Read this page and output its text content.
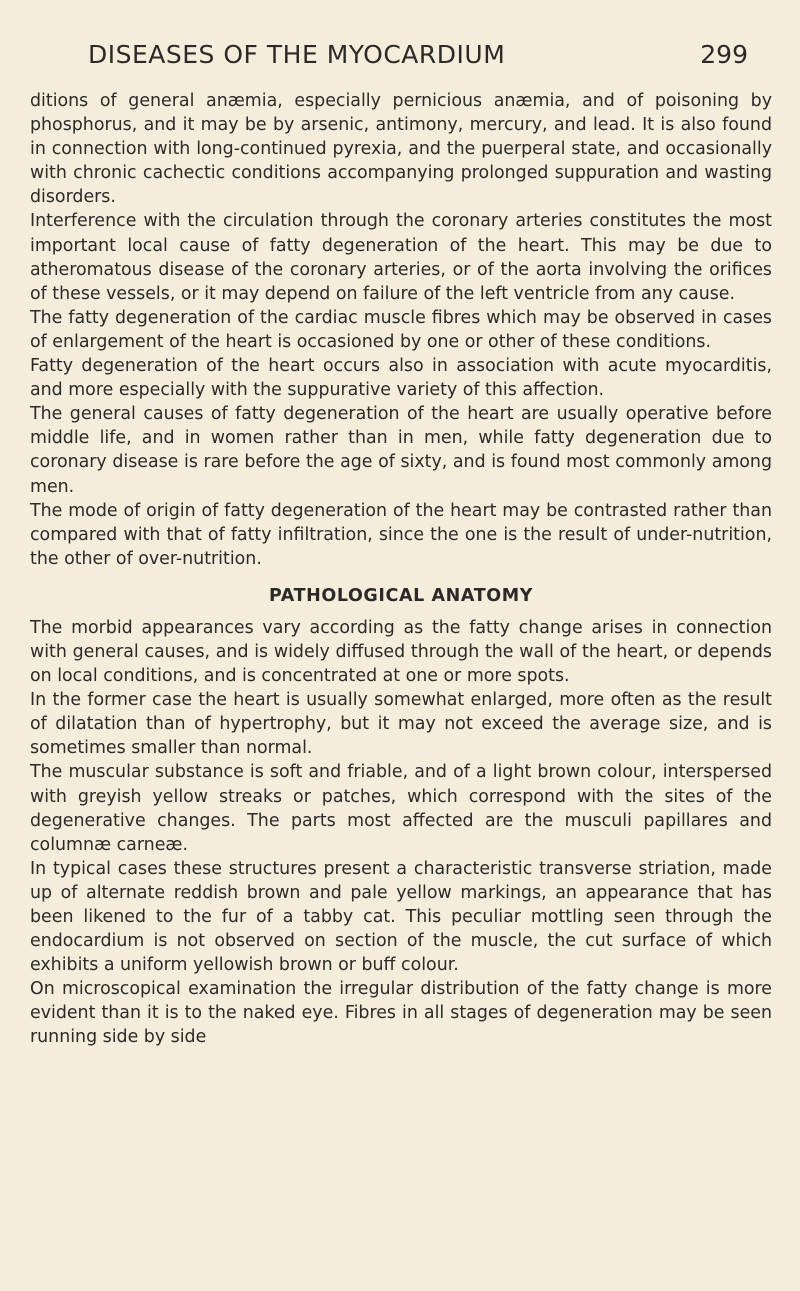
DISEASES OF THE MYOCARDIUM	299

ditions of general anæmia, especially pernicious anæmia, and of poisoning by phosphorus, and it may be by arsenic, antimony, mercury, and lead. It is also found in connection with long-continued pyrexia, and the puerperal state, and occasionally with chronic cachectic conditions accompanying prolonged suppuration and wasting disorders.

Interference with the circulation through the coronary arteries constitutes the most important local cause of fatty degeneration of the heart. This may be due to atheromatous disease of the coronary arteries, or of the aorta involving the orifices of these vessels, or it may depend on failure of the left ventricle from any cause.

The fatty degeneration of the cardiac muscle fibres which may be observed in cases of enlargement of the heart is occasioned by one or other of these conditions.

Fatty degeneration of the heart occurs also in association with acute myocarditis, and more especially with the suppurative variety of this affection.

The general causes of fatty degeneration of the heart are usually operative before middle life, and in women rather than in men, while fatty degeneration due to coronary disease is rare before the age of sixty, and is found most commonly among men.

The mode of origin of fatty degeneration of the heart may be contrasted rather than compared with that of fatty infiltration, since the one is the result of under-nutrition, the other of over-nutrition.

PATHOLOGICAL ANATOMY

The morbid appearances vary according as the fatty change arises in connection with general causes, and is widely diffused through the wall of the heart, or depends on local conditions, and is concentrated at one or more spots.

In the former case the heart is usually somewhat enlarged, more often as the result of dilatation than of hypertrophy, but it may not exceed the average size, and is sometimes smaller than normal.

The muscular substance is soft and friable, and of a light brown colour, interspersed with greyish yellow streaks or patches, which correspond with the sites of the degenerative changes. The parts most affected are the musculi papillares and columnæ carneæ.

In typical cases these structures present a characteristic transverse striation, made up of alternate reddish brown and pale yellow markings, an appearance that has been likened to the fur of a tabby cat. This peculiar mottling seen through the endocardium is not observed on section of the muscle, the cut surface of which exhibits a uniform yellowish brown or buff colour.

On microscopical examination the irregular distribution of the fatty change is more evident than it is to the naked eye. Fibres in all stages of degeneration may be seen running side by side
